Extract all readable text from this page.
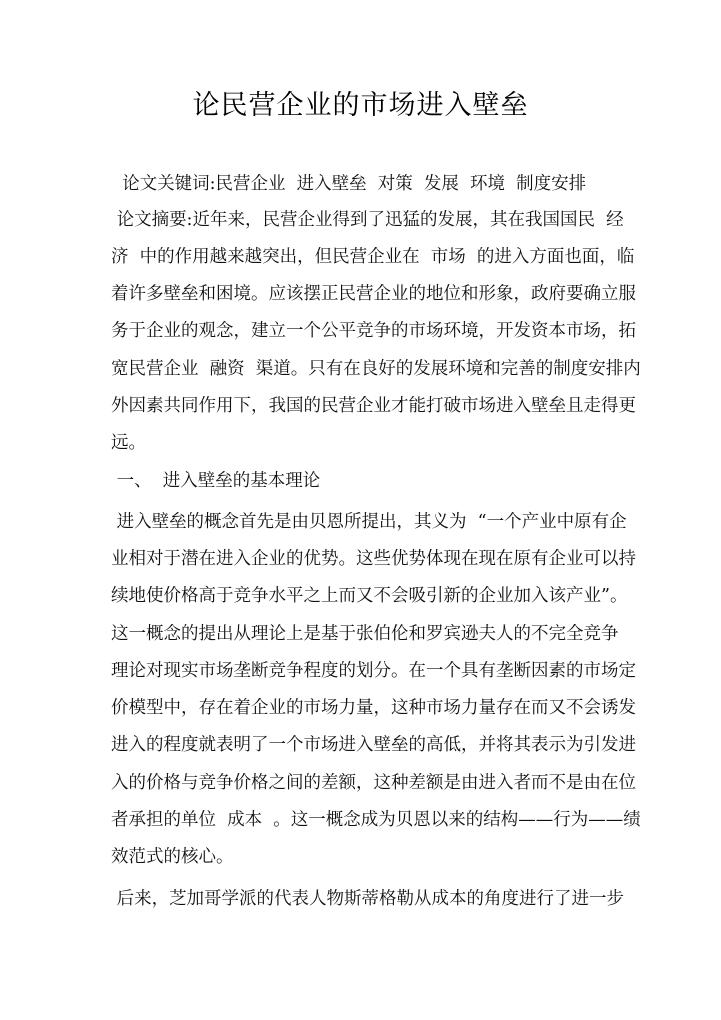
论民营企业的市场进入壁垒
论文关键词:民营企业  进入壁垒  对策  发展  环境  制度安排
论文摘要:近年来，民营企业得到了迅猛的发展，其在我国国民  经
济  中的作用越来越突出，但民营企业在  市场  的进入方面也面，临
着许多壁垒和困境。应该摆正民营企业的地位和形象，政府要确立服
务于企业的观念，建立一个公平竞争的市场环境，开发资本市场，拓
宽民营企业  融资  渠道。只有在良好的发展环境和完善的制度安排内
外因素共同作用下，我国的民营企业才能打破市场进入壁垒且走得更
远。
一、  进入壁垒的基本理论
进入壁垒的概念首先是由贝恩所提出，其义为  “一个产业中原有企
业相对于潜在进入企业的优势。这些优势体现在现在原有企业可以持
续地使价格高于竞争水平之上而又不会吸引新的企业加入该产业”。
这一概念的提出从理论上是基于张伯伦和罗宾逊夫人的不完全竞争
理论对现实市场垄断竞争程度的划分。在一个具有垄断因素的市场定
价模型中，存在着企业的市场力量，这种市场力量存在而又不会诱发
进入的程度就表明了一个市场进入壁垒的高低，并将其表示为引发进
入的价格与竞争价格之间的差额，这种差额是由进入者而不是由在位
者承担的单位  成本  。这一概念成为贝恩以来的结构——行为——绩
效范式的核心。
后来，芝加哥学派的代表人物斯蒂格勒从成本的角度进行了进一步
